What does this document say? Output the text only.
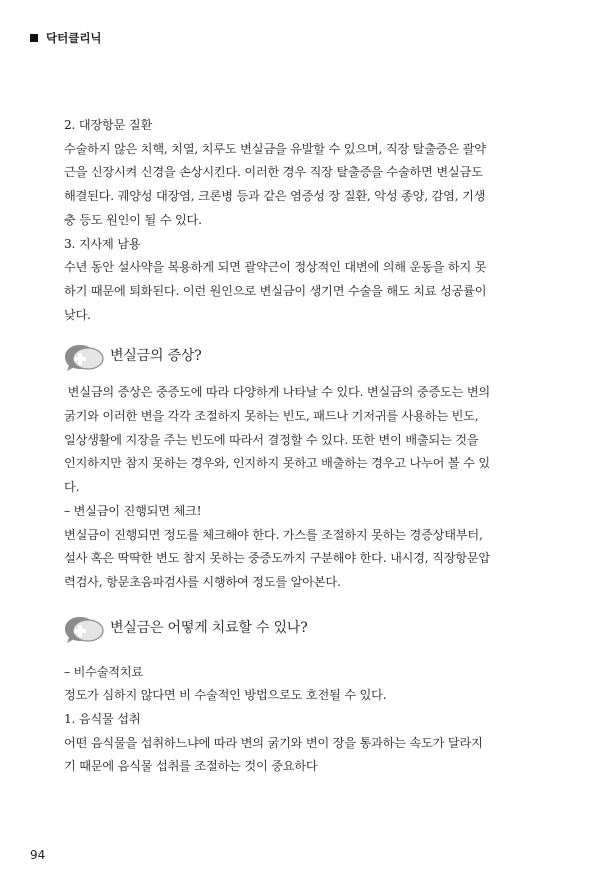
닥터클리닉

2. 대장항문 질환

수술하지 않은 치핵, 치열, 치루도 변실금을 유발할 수 있으며, 직장 탈출증은 괄약

근을 신장시켜 신경을 손상시킨다. 이러한 경우 직장 탈출증을 수술하면 변실금도

해결된다. 궤양성 대장염, 크론병 등과 같은 염증성 장 질환, 악성 종양, 감염, 기생

충 등도 원인이 될 수 있다.

3. 지사제 남용

수년 동안 설사약을 복용하게 되면 괄약근이 정상적인 대변에 의해 운동을 하지 못

하기 때문에 퇴화된다. 이런 원인으로 변실금이 생기면 수술을 해도 치료 성공률이

낮다.

변실금의 증상?

변실금의 증상은 중증도에 따라 다양하게 나타날 수 있다. 변실금의 중증도는 변의

굵기와 이러한 변을 각각 조절하지 못하는 빈도, 패드나 기저귀를 사용하는 빈도,

일상생활에 지장을 주는 빈도에 따라서 결정할 수 있다. 또한 변이 배출되는 것을

인지하지만 참지 못하는 경우와, 인지하지 못하고 배출하는 경우고 나누어 볼 수 있

다.

– 변실금이 진행되면 체크!

변실금이 진행되면 정도를 체크해야 한다. 가스를 조절하지 못하는 경증상태부터,

설사 혹은 딱딱한 변도 참지 못하는 중증도까지 구분해야 한다. 내시경, 직장항문압

력검사, 항문초음파검사를 시행하여 정도를 알아본다.

변실금은 어떻게 치료할 수 있나?

– 비수술적치료

정도가 심하지 않다면 비 수술적인 방법으로도 호전될 수 있다.

1. 음식물 섭취

어떤 음식물을 섭취하느냐에 따라 변의 굵기와 변이 장을 통과하는 속도가 달라지

기 때문에 음식물 섭취를 조절하는 것이 중요하다

94
